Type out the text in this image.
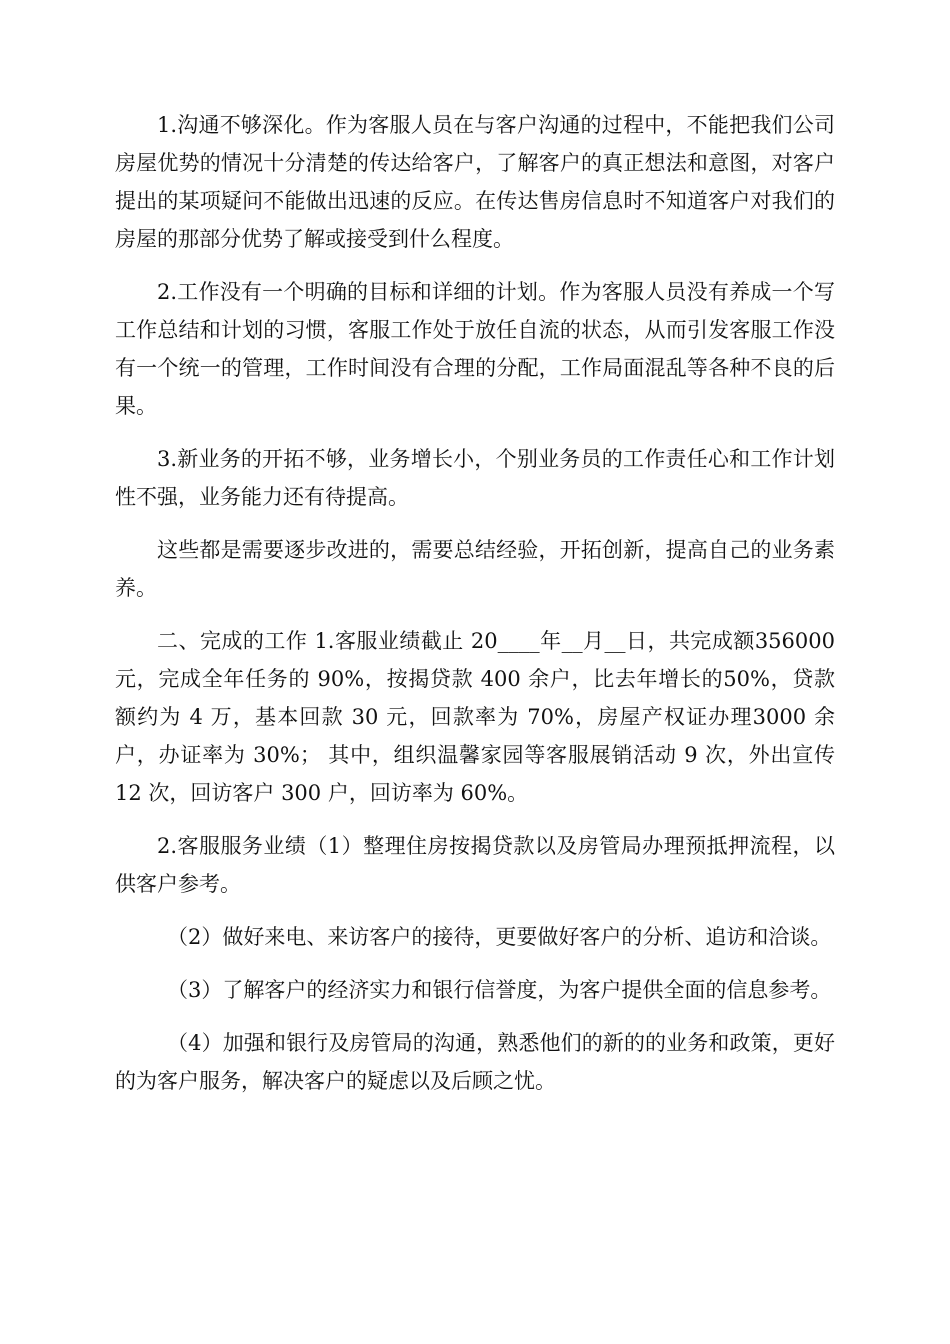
1.沟通不够深化。作为客服人员在与客户沟通的过程中，不能把我们公司房屋优势的情况十分清楚的传达给客户，了解客户的真正想法和意图，对客户提出的某项疑问不能做出迅速的反应。在传达售房信息时不知道客户对我们的房屋的那部分优势了解或接受到什么程度。

2.工作没有一个明确的目标和详细的计划。作为客服人员没有养成一个写工作总结和计划的习惯，客服工作处于放任自流的状态，从而引发客服工作没有一个统一的管理，工作时间没有合理的分配，工作局面混乱等各种不良的后果。

3.新业务的开拓不够，业务增长小，个别业务员的工作责任心和工作计划性不强，业务能力还有待提高。

这些都是需要逐步改进的，需要总结经验，开拓创新，提高自己的业务素养。

二、完成的工作 1.客服业绩截止 20____年__月__日，共完成额356000 元，完成全年任务的 90%，按揭贷款 400 余户，比去年增长的50%，贷款额约为 4 万，基本回款 30 元，回款率为 70%，房屋产权证办理3000 余户，办证率为 30%； 其中，组织温馨家园等客服展销活动 9 次，外出宣传 12 次，回访客户 300 户，回访率为 60%。

2.客服服务业绩（1）整理住房按揭贷款以及房管局办理预抵押流程，以供客户参考。

（2）做好来电、来访客户的接待，更要做好客户的分析、追访和洽谈。

（3）了解客户的经济实力和银行信誉度，为客户提供全面的信息参考。

（4）加强和银行及房管局的沟通，熟悉他们的新的的业务和政策，更好的为客户服务，解决客户的疑虑以及后顾之忧。
